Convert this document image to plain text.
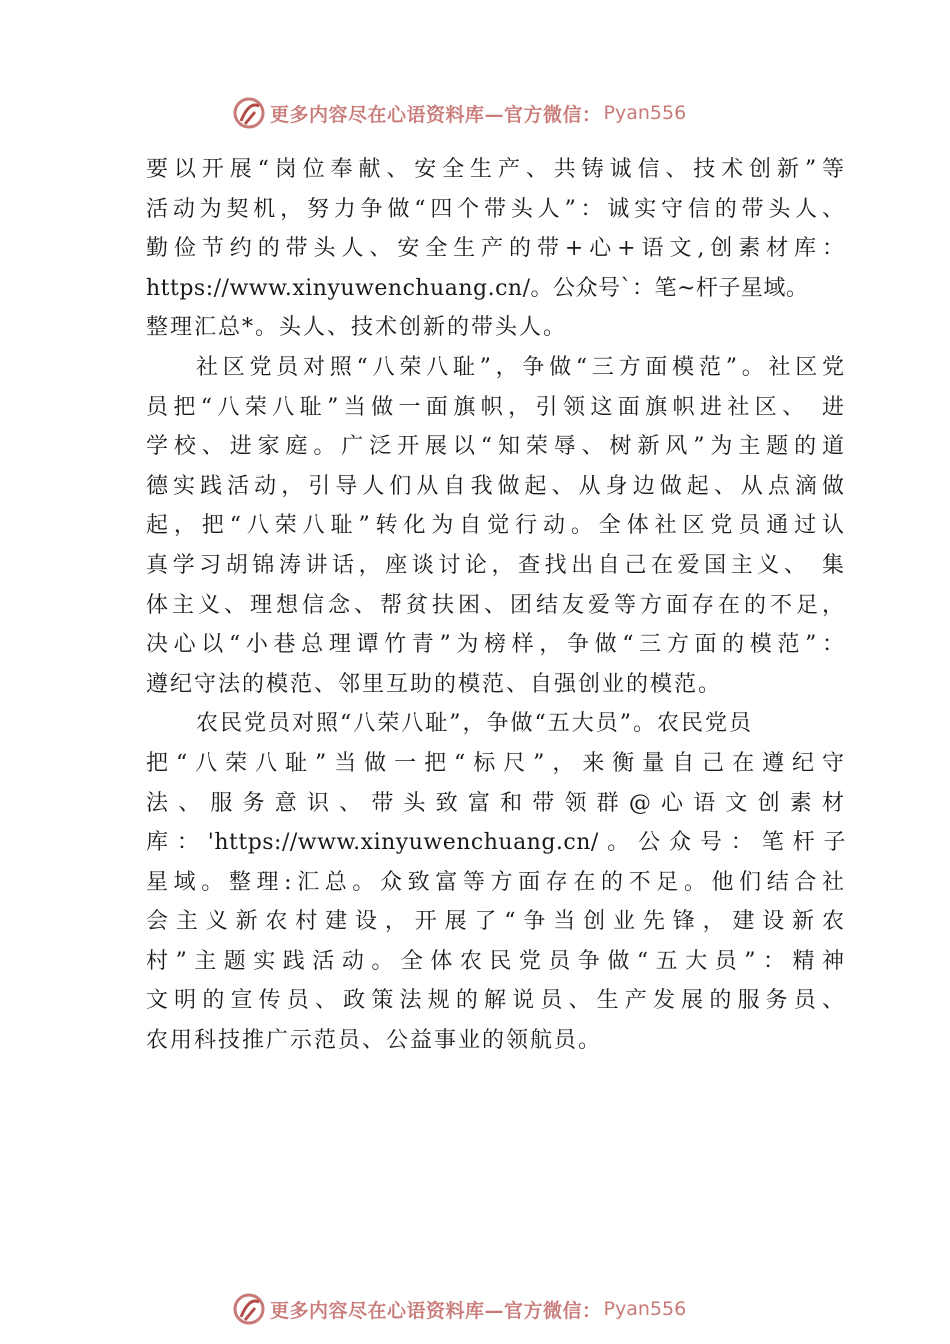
更多内容尽在心语资料库—官方微信： Pyan556
要以开展“岗位奉献、安全生产、共铸诚信、技术创新”等
活动为契机，努力争做“四个带头人”：诚实守信的带头人、
勤俭节约的带头人、安全生产的带+心+语文,创素材库：
https://www.xinyuwenchuang.cn/。公众号`：笔~杆子星域。
整理汇总*。头人、技术创新的带头人。
社区党员对照“八荣八耻”，争做“三方面模范”。社区党
员把“八荣八耻”当做一面旗帜，引领这面旗帜进社区、 进
学校、进家庭。广泛开展以“知荣辱、树新风”为主题的道
德实践活动，引导人们从自我做起、从身边做起、从点滴做
起，把“八荣八耻”转化为自觉行动。全体社区党员通过认
真学习胡锦涛讲话，座谈讨论，查找出自己在爱国主义、 集
体主义、理想信念、帮贫扶困、团结友爱等方面存在的不足，
决心以“小巷总理谭竹青”为榜样，争做“三方面的模范”：
遵纪守法的模范、邻里互助的模范、自强创业的模范。
农民党员对照“八荣八耻”，争做“五大员”。农民党员
把“八荣八耻”当做一把“标尺”，来衡量自己在遵纪守
法、服务意识、带头致富和带领群@心语文创素材
库：'https://www.xinyuwenchuang.cn/。公众号：笔杆子
星域。整理:汇总。众致富等方面存在的不足。他们结合社
会主义新农村建设，开展了“争当创业先锋，建设新农
村”主题实践活动。全体农民党员争做“五大员”：精神
文明的宣传员、政策法规的解说员、生产发展的服务员、
农用科技推广示范员、公益事业的领航员。
更多内容尽在心语资料库—官方微信： Pyan556
